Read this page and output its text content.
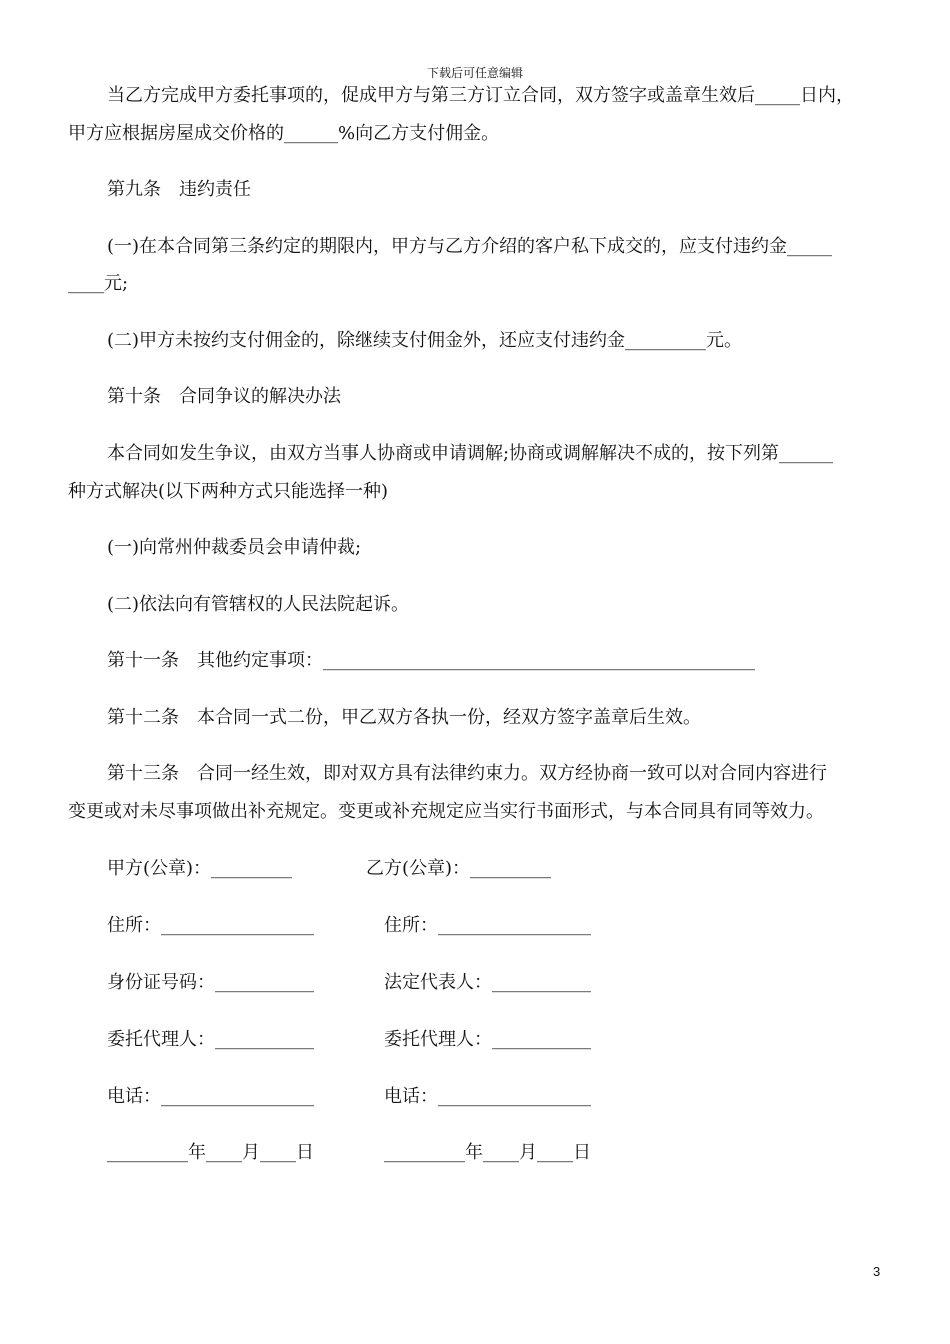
下载后可任意编辑
当乙方完成甲方委托事项的，促成甲方与第三方订立合同，双方签字或盖章生效后_____日内，
甲方应根据房屋成交价格的______%向乙方支付佣金。
第九条　违约责任
(一)在本合同第三条约定的期限内，甲方与乙方介绍的客户私下成交的，应支付违约金_____
____元;
(二)甲方未按约支付佣金的，除继续支付佣金外，还应支付违约金_________元。
第十条　合同争议的解决办法
本合同如发生争议，由双方当事人协商或申请调解;协商或调解解决不成的，按下列第______
种方式解决(以下两种方式只能选择一种)
(一)向常州仲裁委员会申请仲裁;
(二)依法向有管辖权的人民法院起诉。
第十一条　其他约定事项：________________________________________________
第十二条　本合同一式二份，甲乙双方各执一份，经双方签字盖章后生效。
第十三条　合同一经生效，即对双方具有法律约束力。双方经协商一致可以对合同内容进行
变更或对未尽事项做出补充规定。变更或补充规定应当实行书面形式，与本合同具有同等效力。
甲方(公章)：_________	乙方(公章)：_________
住所：_________________	住所：_________________
身份证号码：___________	法定代表人：___________
委托代理人：___________	委托代理人：___________
电话：_________________	电话：_________________
_________年____月____日	_________年____月____日
3
